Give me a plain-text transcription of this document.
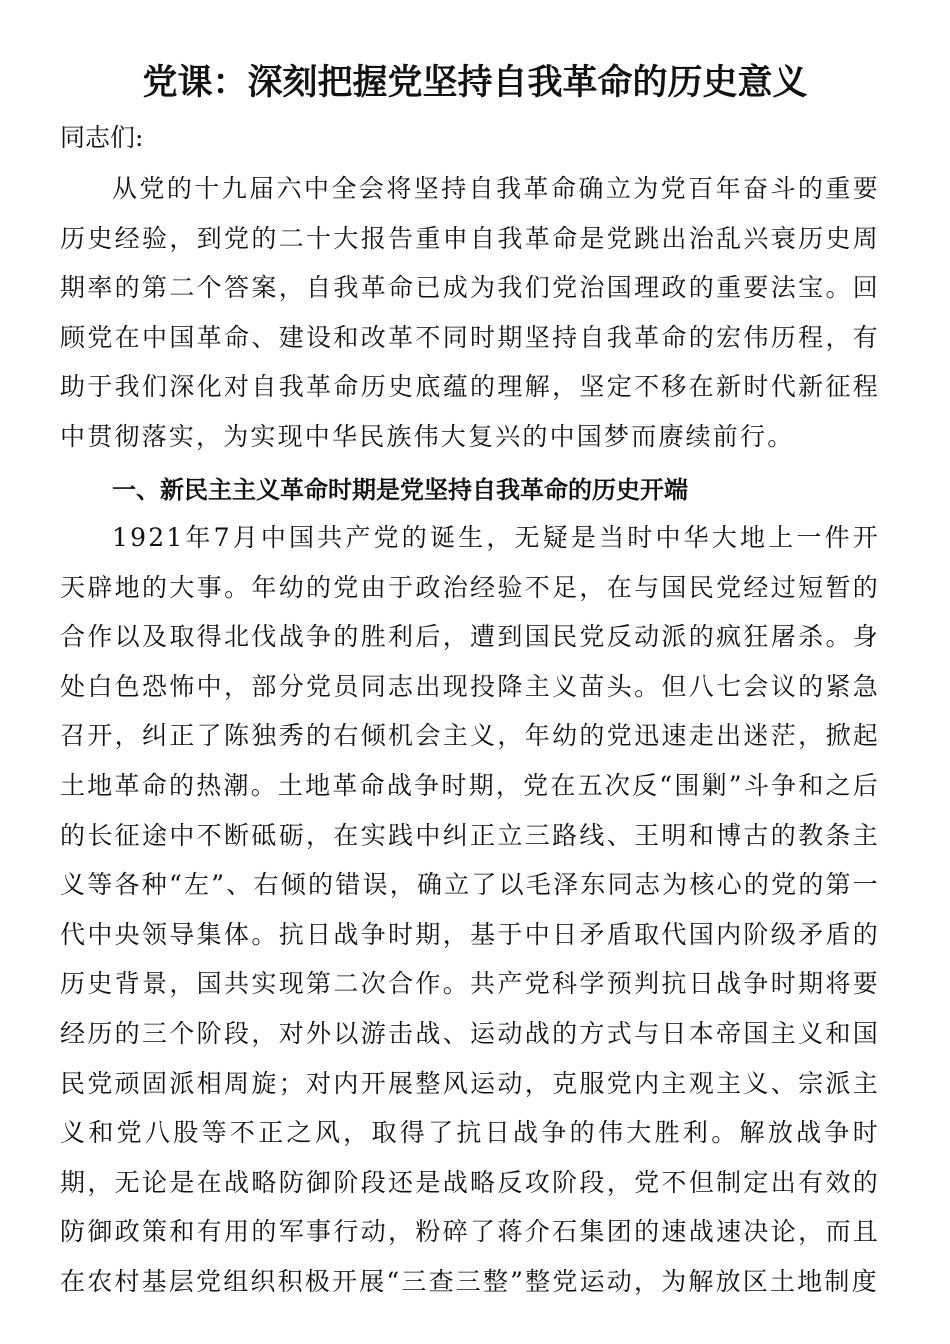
党课：深刻把握党坚持自我革命的历史意义

同志们:

从党的十九届六中全会将坚持自我革命确立为党百年奋斗的重要历史经验，到党的二十大报告重申自我革命是党跳出治乱兴衰历史周期率的第二个答案，自我革命已成为我们党治国理政的重要法宝。回顾党在中国革命、建设和改革不同时期坚持自我革命的宏伟历程，有助于我们深化对自我革命历史底蕴的理解，坚定不移在新时代新征程中贯彻落实，为实现中华民族伟大复兴的中国梦而赓续前行。

一、新民主主义革命时期是党坚持自我革命的历史开端

1921年7月中国共产党的诞生，无疑是当时中华大地上一件开天辟地的大事。年幼的党由于政治经验不足，在与国民党经过短暂的合作以及取得北伐战争的胜利后，遭到国民党反动派的疯狂屠杀。身处白色恐怖中，部分党员同志出现投降主义苗头。但八七会议的紧急召开，纠正了陈独秀的右倾机会主义，年幼的党迅速走出迷茫，掀起土地革命的热潮。土地革命战争时期，党在五次反“围剿”斗争和之后的长征途中不断砥砺，在实践中纠正立三路线、王明和博古的教条主义等各种“左”、右倾的错误，确立了以毛泽东同志为核心的党的第一代中央领导集体。抗日战争时期，基于中日矛盾取代国内阶级矛盾的历史背景，国共实现第二次合作。共产党科学预判抗日战争时期将要经历的三个阶段，对外以游击战、运动战的方式与日本帝国主义和国民党顽固派相周旋；对内开展整风运动，克服党内主观主义、宗派主义和党八股等不正之风，取得了抗日战争的伟大胜利。解放战争时期，无论是在战略防御阶段还是战略反攻阶段，党不但制定出有效的防御政策和有用的军事行动，粉碎了蒋介石集团的速战速决论，而且在农村基层党组织积极开展“三查三整”整党运动，为解放区土地制度
